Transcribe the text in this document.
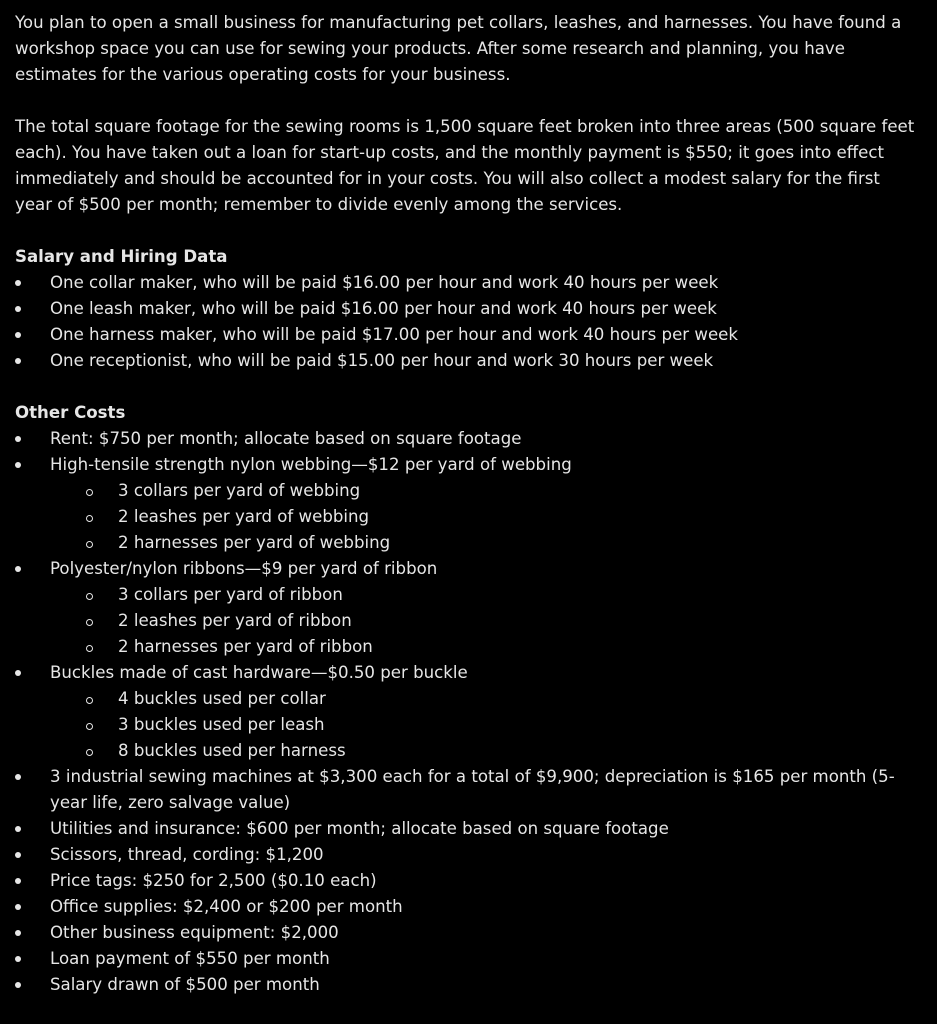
You plan to open a small business for manufacturing pet collars, leashes, and harnesses. You have found a workshop space you can use for sewing your products. After some research and planning, you have estimates for the various operating costs for your business.

The total square footage for the sewing rooms is 1,500 square feet broken into three areas (500 square feet each). You have taken out a loan for start-up costs, and the monthly payment is $550; it goes into effect immediately and should be accounted for in your costs. You will also collect a modest salary for the first year of $500 per month; remember to divide evenly among the services.

Salary and Hiring Data

One collar maker, who will be paid $16.00 per hour and work 40 hours per week
One leash maker, who will be paid $16.00 per hour and work 40 hours per week
One harness maker, who will be paid $17.00 per hour and work 40 hours per week
One receptionist, who will be paid $15.00 per hour and work 30 hours per week

Other Costs

Rent: $750 per month; allocate based on square footage
High-tensile strength nylon webbing—$12 per yard of webbing
3 collars per yard of webbing
2 leashes per yard of webbing
2 harnesses per yard of webbing
Polyester/nylon ribbons—$9 per yard of ribbon
3 collars per yard of ribbon
2 leashes per yard of ribbon
2 harnesses per yard of ribbon
Buckles made of cast hardware—$0.50 per buckle
4 buckles used per collar
3 buckles used per leash
8 buckles used per harness
3 industrial sewing machines at $3,300 each for a total of $9,900; depreciation is $165 per month (5-year life, zero salvage value)
Utilities and insurance: $600 per month; allocate based on square footage
Scissors, thread, cording: $1,200
Price tags: $250 for 2,500 ($0.10 each)
Office supplies: $2,400 or $200 per month
Other business equipment: $2,000
Loan payment of $550 per month
Salary drawn of $500 per month
